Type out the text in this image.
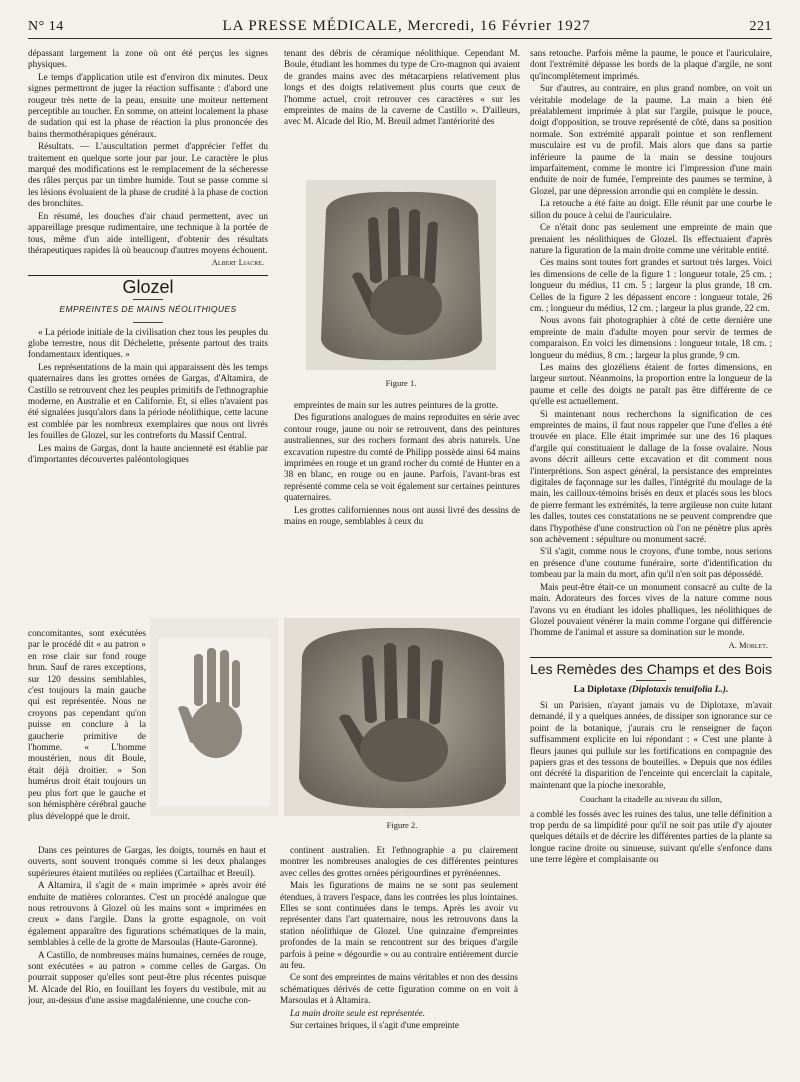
N° 14	LA PRESSE MÉDICALE, Mercredi, 16 Février 1927	221

dépassant largement la zone où ont été perçus les signes physiques.

Le temps d'application utile est d'environ dix minutes. Deux signes permettront de juger la réaction suffisante : d'abord une rougeur très nette de la peau, ensuite une moiteur nettement perceptible au toucher. En somme, on atteint localement la phase de sudation qui est la phase de réaction la plus prononcée des bains thermothérapiques généraux.

Résultats. — L'auscultation permet d'apprécier l'effet du traitement en quelque sorte jour par jour. Le caractère le plus marqué des modifications est le remplacement de la sécheresse des râles perçus par un timbre humide. Tout se passe comme si les lésions évoluaient de la phase de crudité à la phase de coction des bronchites.

En résumé, les douches d'air chaud permettent, avec un appareillage presque rudimentaire, une technique à la portée de tous, même d'un aide intelligent, d'obtenir des résultats thérapeutiques rapides là où beaucoup d'autres moyens échouent.

Albert Liacre.
Glozel
EMPREINTES DE MAINS NÉOLITHIQUES

« La période initiale de la civilisation chez tous les peuples du globe terrestre, nous dit Déchelette, présente partout des traits fondamentaux identiques. »

Les représentations de la main qui apparaissent dès les temps quaternaires dans les grottes ornées de Gargas, d'Altamira, de Castillo se retrouvent chez les peuples primitifs de l'ethnographie moderne, en Australie et en Californie. Et, si elles n'avaient pas été signalées jusqu'alors dans la période néolithique, cette lacune est comblée par les nombreux exemplaires que nous ont livrés les fouilles de Glozel, sur les contreforts du Massif Central.

Les mains de Gargas, dont la haute ancienneté est établie par d'importantes découvertes paléontologiques

concomitantes, sont exécutées par le procédé dit « au patron » en rose clair sur fond rouge brun. Sauf de rares exceptions, sur 120 dessins semblables, c'est toujours la main gauche qui est représentée. Nous ne croyons pas cependant qu'on puisse en conclure à la gaucherie primitive de l'homme. « L'homme moustérien, nous dit Boule, était déjà droitier. » Son humérus droit était toujours un peu plus fort que le gauche et son hémisphère cérébral gauche plus développé que le droit.

tenant des débris de céramique néolithique. Cependant M. Boule, étudiant les hommes du type de Cro-magnon qui avaient de grandes mains avec des métacarpiens relativement plus longs et des doigts relativement plus courts que ceux de l'homme actuel, croit retrouver ces caractères « sur les empreintes de mains de la caverne de Castillo ». D'ailleurs, avec M. Alcade del Rio, M. Breuil admet l'antériorité des

Figure 1.

empreintes de main sur les autres peintures de la grotte.

Des figurations analogues de mains reproduites en série avec contour rouge, jaune ou noir se retrouvent, dans des peintures australiennes, sur des rochers formant des abris naturels. Une excavation rupestre du comté de Philipp possède ainsi 64 mains imprimées en rouge et un grand rocher du comté de Hunter en a 38 en blanc, en rouge ou en jaune. Parfois, l'avant-bras est représenté comme cela se voit également sur certaines peintures quaternaires.

Les grottes californiennes nous ont aussi livré des dessins de mains en rouge, semblables à ceux du

Figure 2.

Dans ces peintures de Gargas, les doigts, tournés en haut et ouverts, sont souvent tronqués comme si les deux phalanges supérieures étaient mutilées ou repliées (Cartailhac et Breuil).

A Altamira, il s'agit de « main imprimée » après avoir été enduite de matières colorantes. C'est un procédé analogue que nous retrouvons à Glozel où les mains sont « imprimées en creux » dans l'argile. Dans la grotte espagnole, on voit également apparaître des figurations schématiques de la main, semblables à celle de la grotte de Marsoulas (Haute-Garonne).

A Castillo, de nombreuses mains humaines, cernées de rouge, sont exécutées « au patron » comme celles de Gargas. On pourrait supposer qu'elles sont peut-être plus récentes puisque M. Alcade del Rio, en fouillant les foyers du vestibule, mit au jour, au-dessus d'une assise magdalénienne, une couche con-

continent australien. Et l'ethnographie a pu clairement montrer les nombreuses analogies de ces différentes peintures avec celles des grottes ornées périgourdines et pyrénéennes.

Mais les figurations de mains ne se sont pas seulement étendues, à travers l'espace, dans les contrées les plus lointaines. Elles se sont continuées dans le temps. Après les avoir vu représenter dans l'art quaternaire, nous les retrouvons dans la station néolithique de Glozel. Une quinzaine d'empreintes profondes de la main se rencontrent sur des briques d'argile parfois à peine « dégourdie » ou au contraire entièrement durcie au feu.

Ce sont des empreintes de mains véritables et non des dessins schématiques dérivés de cette figuration comme on en voit à Marsoulas et à Altamira.

La main droite seule est représentée.

Sur certaines briques, il s'agit d'une empreinte

sans retouche. Parfois même la paume, le pouce et l'auriculaire, dont l'extrémité dépasse les bords de la plaque d'argile, ne sont qu'incomplètement imprimés.

Sur d'autres, au contraire, en plus grand nombre, on voit un véritable modelage de la paume. La main a bien été préalablement imprimée à plat sur l'argile, puisque le pouce, doigt d'opposition, se trouve représenté de côté, dans sa position normale. Son extrémité apparaît pointue et son renflement musculaire est vu de profil. Mais alors que dans sa partie inférieure la paume de la main se dessine toujours imparfaitement, comme le montre ici l'impression d'une main enduite de noir de fumée, l'empreinte des paumes se termine, à Glozel, par une dépression arrondie qui en complète le dessin.

La retouche a été faite au doigt. Elle réunit par une courbe le sillon du pouce à celui de l'auriculaire.

Ce n'était donc pas seulement une empreinte de main que prenaient les néolithiques de Glozel. Ils effectuaient d'après nature la figuration de la main droite comme une véritable entité.

Ces mains sont toutes fort grandes et surtout très larges. Voici les dimensions de celle de la figure 1 : longueur totale, 25 cm. ; longueur du médius, 11 cm. 5 ; largeur la plus grande, 18 cm. Celles de la figure 2 les dépassent encore : longueur totale, 26 cm. ; longueur du médius, 12 cm. ; largeur la plus grande, 22 cm.

Nous avons fait photographier à côté de cette dernière une empreinte de main d'adulte moyen pour servir de termes de comparaison. En voici les dimensions : longueur totale, 18 cm. ; longueur du médius, 8 cm. ; largeur la plus grande, 9 cm.

Les mains des glozéliens étaient de fortes dimensions, en largeur surtout. Néanmoins, la proportion entre la longueur de la paume et celle des doigts ne paraît pas être différente de ce qu'elle est actuellement.

Si maintenant nous recherchons la signification de ces empreintes de mains, il faut nous rappeler que l'une d'elles a été trouvée en place. Elle était imprimée sur une des 16 plaques d'argile qui constituaient le dallage de la fosse ovalaire. Nous avons décrit ailleurs cette excavation et dit comment nous l'interprétions. Son aspect général, la persistance des empreintes digitales de façonnage sur les dalles, l'intégrité du moulage de la main, les cailloux-témoins brisés en deux et placés sous les blocs de pierre fermant les extrémités, la terre argileuse non cuite lutant les dalles, toutes ces constatations ne se peuvent comprendre que dans l'hypothèse d'une construction où l'on ne pénètre plus après son achèvement : sépulture ou monument sacré.

S'il s'agit, comme nous le croyons, d'une tombe, nous serions en présence d'une coutume funéraire, sorte d'identification du tombeau par la main du mort, afin qu'il n'en soit pas dépossédé.

Mais peut-être était-ce un monument consacré au culte de la main. Adorateurs des forces vives de la nature comme nous l'avons vu en étudiant les idoles phalliques, les néolithiques de Glozel pouvaient vénérer la main comme l'organe qui différencie l'homme de l'animal et assure sa domination sur le monde.

A. Morlet.
Les Remèdes des Champs et des Bois
La Diplotaxe (Diplotaxis tenuifolia L.).

Si un Parisien, n'ayant jamais vu de Diplotaxe, m'avait demandé, il y a quelques années, de dissiper son ignorance sur ce point de la botanique, j'aurais cru le renseigner de façon suffisamment explicite en lui répondant : « C'est une plante à fleurs jaunes qui pullule sur les fortifications en compagnie des papiers gras et des tessons de bouteilles. » Depuis que nos édiles ont décrété la disparition de l'enceinte qui encerclait la capitale, maintenant que la pioche inexorable,

Couchant la citadelle au niveau du sillon,

a comblé les fossés avec les ruines des talus, une telle définition a trop perdu de sa limpidité pour qu'il ne soit pas utile d'y ajouter quelques détails et de décrire les différentes parties de la plante sa longue racine droite ou sinueuse, suivant qu'elle s'enfonce dans une terre légère et complaisante ou
